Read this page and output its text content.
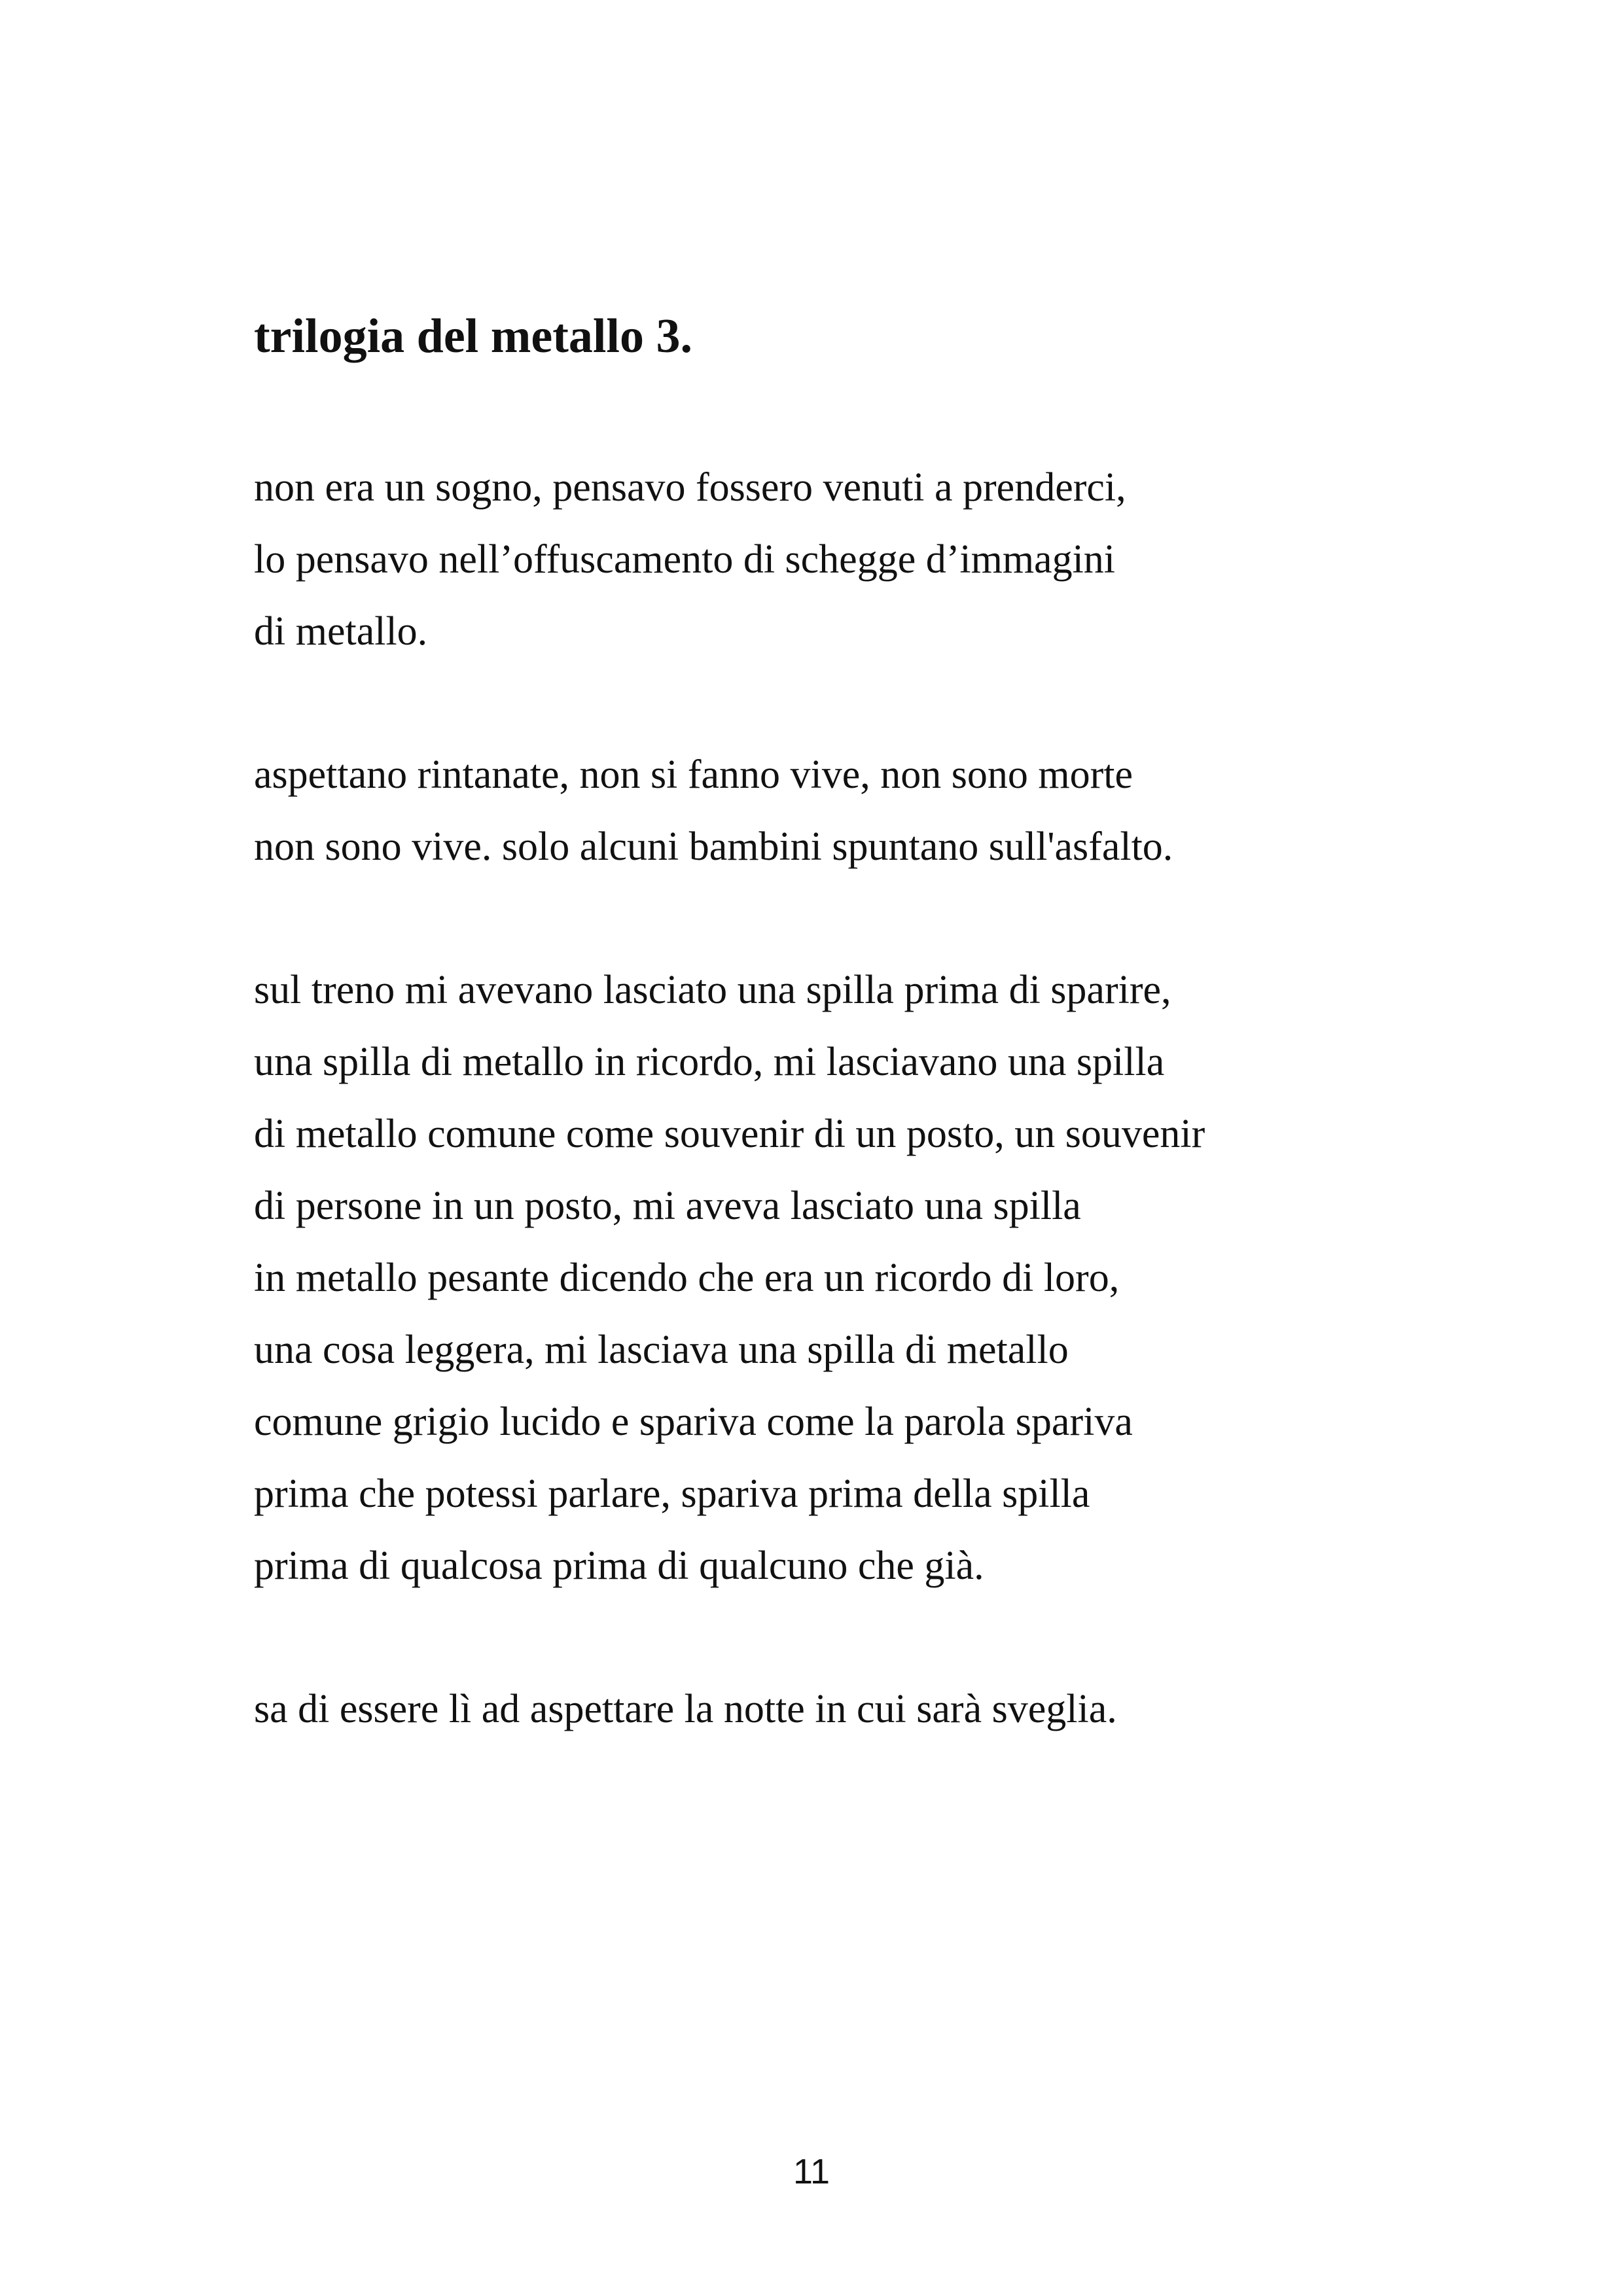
trilogia del metallo 3.
non era un sogno, pensavo fossero venuti a prenderci,
lo pensavo nell’offuscamento di schegge d’immagini
di metallo.
aspettano rintanate, non si fanno vive, non sono morte
non sono vive. solo alcuni bambini spuntano sull'asfalto.
sul treno mi avevano lasciato una spilla prima di sparire,
una spilla di metallo in ricordo, mi lasciavano una spilla
di metallo comune come souvenir di un posto, un souvenir
di persone in un posto, mi aveva lasciato una spilla
in metallo pesante dicendo che era un ricordo di loro,
una cosa leggera, mi lasciava una spilla di metallo
comune grigio lucido e spariva come la parola spariva
prima che potessi parlare, spariva prima della spilla
prima di qualcosa prima di qualcuno che già.
sa di essere lì ad aspettare la notte in cui sarà sveglia.
11
